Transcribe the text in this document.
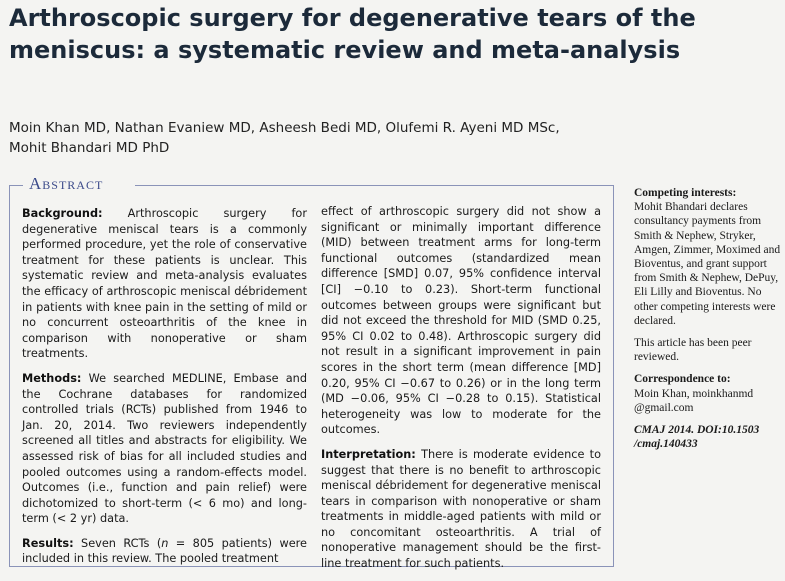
Arthroscopic surgery for degenerative tears of the
meniscus: a systematic review and meta-analysis
Moin Khan MD, Nathan Evaniew MD, Asheesh Bedi MD, Olufemi R. Ayeni MD MSc,
Mohit Bhandari MD PhD
Abstract

Background: Arthroscopic surgery for degenerative meniscal tears is a commonly performed procedure, yet the role of conservative treatment for these patients is unclear. This systematic review and meta-analysis evaluates the efficacy of arthroscopic meniscal débridement in patients with knee pain in the setting of mild or no concurrent osteoarthritis of the knee in comparison with nonoperative or sham treatments.

Methods: We searched MEDLINE, Embase and the Cochrane databases for randomized controlled trials (RCTs) published from 1946 to Jan. 20, 2014. Two reviewers independently screened all titles and abstracts for eligibility. We assessed risk of bias for all included studies and pooled outcomes using a random-effects model. Outcomes (i.e., function and pain relief) were dichotomized to short-term (< 6 mo) and long-term (< 2 yr) data.

Results: Seven RCTs (n = 805 patients) were included in this review. The pooled treatment

effect of arthroscopic surgery did not show a significant or minimally important difference (MID) between treatment arms for long-term functional outcomes (standardized mean difference [SMD] 0.07, 95% confidence interval [CI] −0.10 to 0.23). Short-term functional outcomes between groups were significant but did not exceed the threshold for MID (SMD 0.25, 95% CI 0.02 to 0.48). Arthroscopic surgery did not result in a significant improvement in pain scores in the short term (mean difference [MD] 0.20, 95% CI −0.67 to 0.26) or in the long term (MD −0.06, 95% CI −0.28 to 0.15). Statistical heterogeneity was low to moderate for the outcomes.

Interpretation: There is moderate evidence to suggest that there is no benefit to arthroscopic meniscal débridement for degenerative meniscal tears in comparison with nonoperative or sham treatments in middle-aged patients with mild or no concomitant osteoarthritis. A trial of nonoperative management should be the first-line treatment for such patients.

Competing interests:
Mohit Bhandari declares consultancy payments from Smith & Nephew, Stryker, Amgen, Zimmer, Moximed and Bioventus, and grant support from Smith & Nephew, DePuy, Eli Lilly and Bioventus. No other competing interests were declared.

This article has been peer reviewed.

Correspondence to:
Moin Khan, moinkhanmd @gmail.com

CMAJ 2014. DOI:10.1503 /cmaj.140433
